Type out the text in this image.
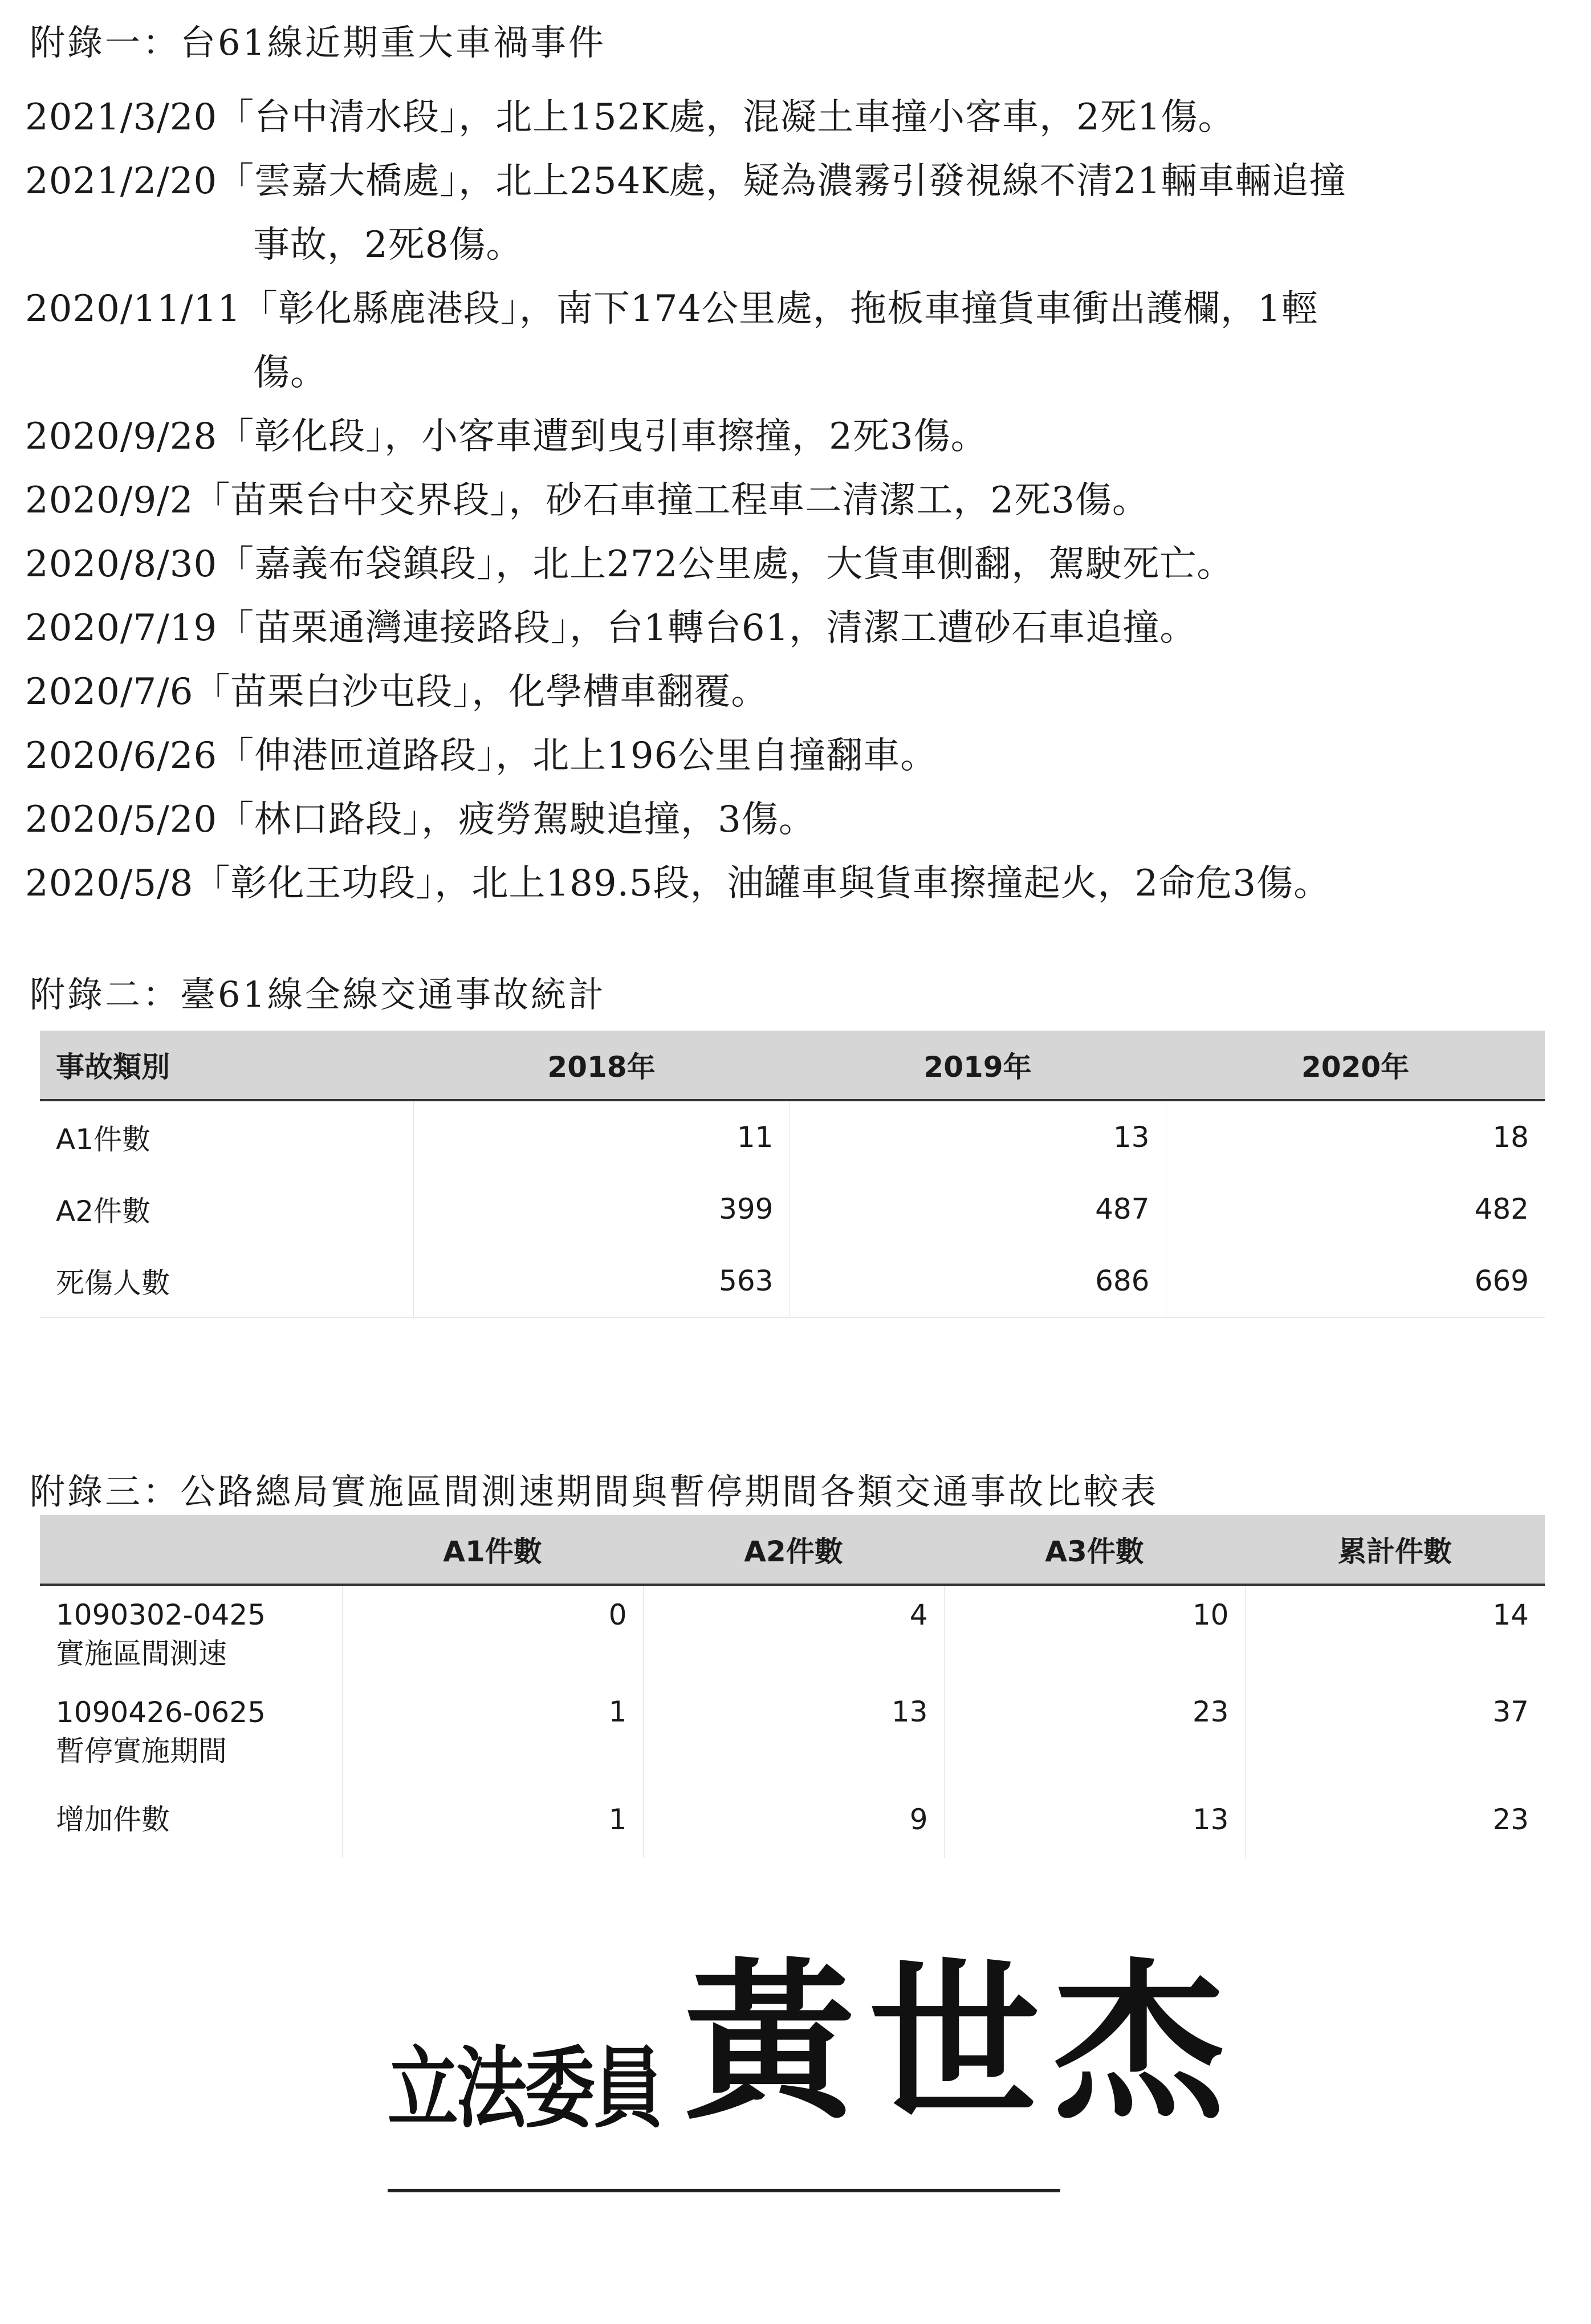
附錄一：台61線近期重大車禍事件
2021/3/20「台中清水段」，北上152K處，混凝土車撞小客車，2死1傷。
2021/2/20「雲嘉大橋處」，北上254K處，疑為濃霧引發視線不清21輛車輛追撞
事故，2死8傷。
2020/11/11「彰化縣鹿港段」，南下174公里處，拖板車撞貨車衝出護欄，1輕
傷。
2020/9/28「彰化段」，小客車遭到曳引車擦撞，2死3傷。
2020/9/2「苗栗台中交界段」，砂石車撞工程車二清潔工，2死3傷。
2020/8/30「嘉義布袋鎮段」，北上272公里處，大貨車側翻，駕駛死亡。
2020/7/19「苗栗通灣連接路段」，台1轉台61，清潔工遭砂石車追撞。
2020/7/6「苗栗白沙屯段」，化學槽車翻覆。
2020/6/26「伸港匝道路段」，北上196公里自撞翻車。
2020/5/20「林口路段」，疲勞駕駛追撞，3傷。
2020/5/8「彰化王功段」，北上189.5段，油罐車與貨車擦撞起火，2命危3傷。
附錄二：臺61線全線交通事故統計
事故類別	2018年	2019年	2020年
A1件數	11	13	18
A2件數	399	487	482
死傷人數	563	686	669
附錄三：公路總局實施區間測速期間與暫停期間各類交通事故比較表
	A1件數	A2件數	A3件數	累計件數

1090302-0425
實施區間測速	0	4	10	14

1090426-0625
暫停實施期間	1	13	23	37

增加件數	1	9	13	23
立法委員 黃世杰
